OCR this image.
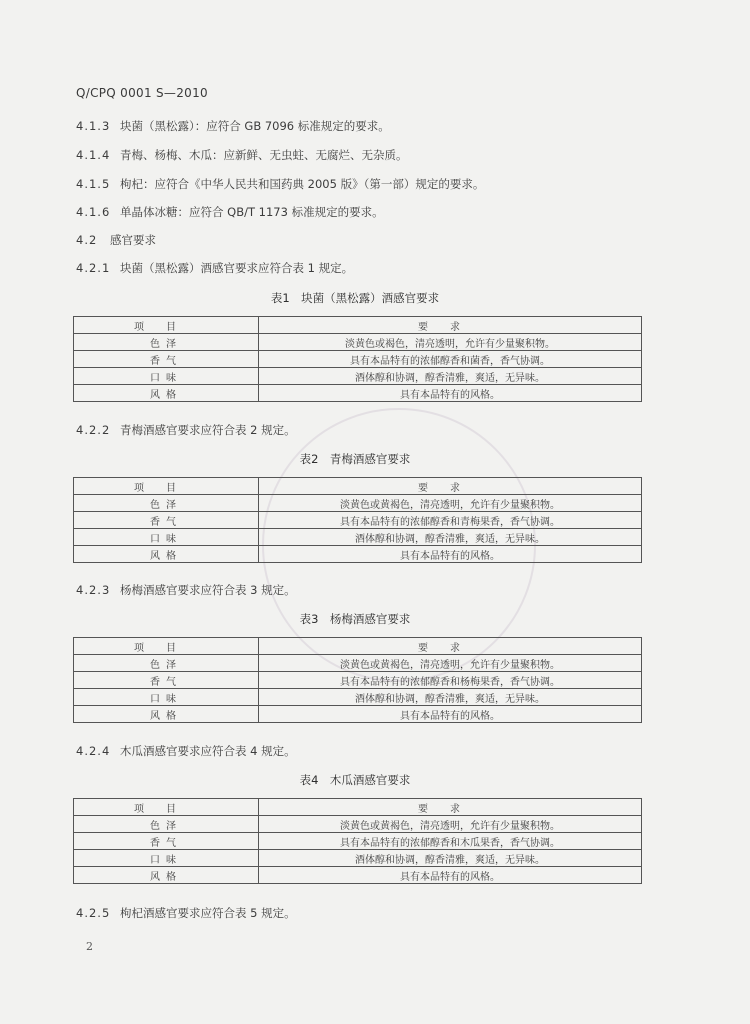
Q/CPQ 0001 S—2010
4.1.3 块菌（黑松露）：应符合 GB 7096 标准规定的要求。
4.1.4 青梅、杨梅、木瓜：应新鲜、无虫蛀、无腐烂、无杂质。
4.1.5 枸杞：应符合《中华人民共和国药典 2005 版》（第一部）规定的要求。
4.1.6 单晶体冰糖：应符合 QB/T 1173 标准规定的要求。
4.2 感官要求
4.2.1 块菌（黑松露）酒感官要求应符合表 1 规定。
表1　块菌（黑松露）酒感官要求
项目	要求
色泽	淡黄色或褐色，清亮透明，允许有少量聚积物。
香气	具有本品特有的浓郁醇香和菌香，香气协调。
口味	酒体醇和协调，醇香清雅，爽适，无异味。
风格	具有本品特有的风格。
4.2.2 青梅酒感官要求应符合表 2 规定。
表2　青梅酒感官要求
项目	要求
色泽	淡黄色或黄褐色，清亮透明，允许有少量聚积物。
香气	具有本品特有的浓郁醇香和青梅果香，香气协调。
口味	酒体醇和协调，醇香清雅，爽适，无异味。
风格	具有本品特有的风格。
4.2.3 杨梅酒感官要求应符合表 3 规定。
表3　杨梅酒感官要求
项目	要求
色泽	淡黄色或黄褐色，清亮透明，允许有少量聚积物。
香气	具有本品特有的浓郁醇香和杨梅果香，香气协调。
口味	酒体醇和协调，醇香清雅，爽适，无异味。
风格	具有本品特有的风格。
4.2.4 木瓜酒感官要求应符合表 4 规定。
表4　木瓜酒感官要求
项目	要求
色泽	淡黄色或黄褐色，清亮透明，允许有少量聚积物。
香气	具有本品特有的浓郁醇香和木瓜果香，香气协调。
口味	酒体醇和协调，醇香清雅，爽适，无异味。
风格	具有本品特有的风格。
4.2.5 枸杞酒感官要求应符合表 5 规定。
2
